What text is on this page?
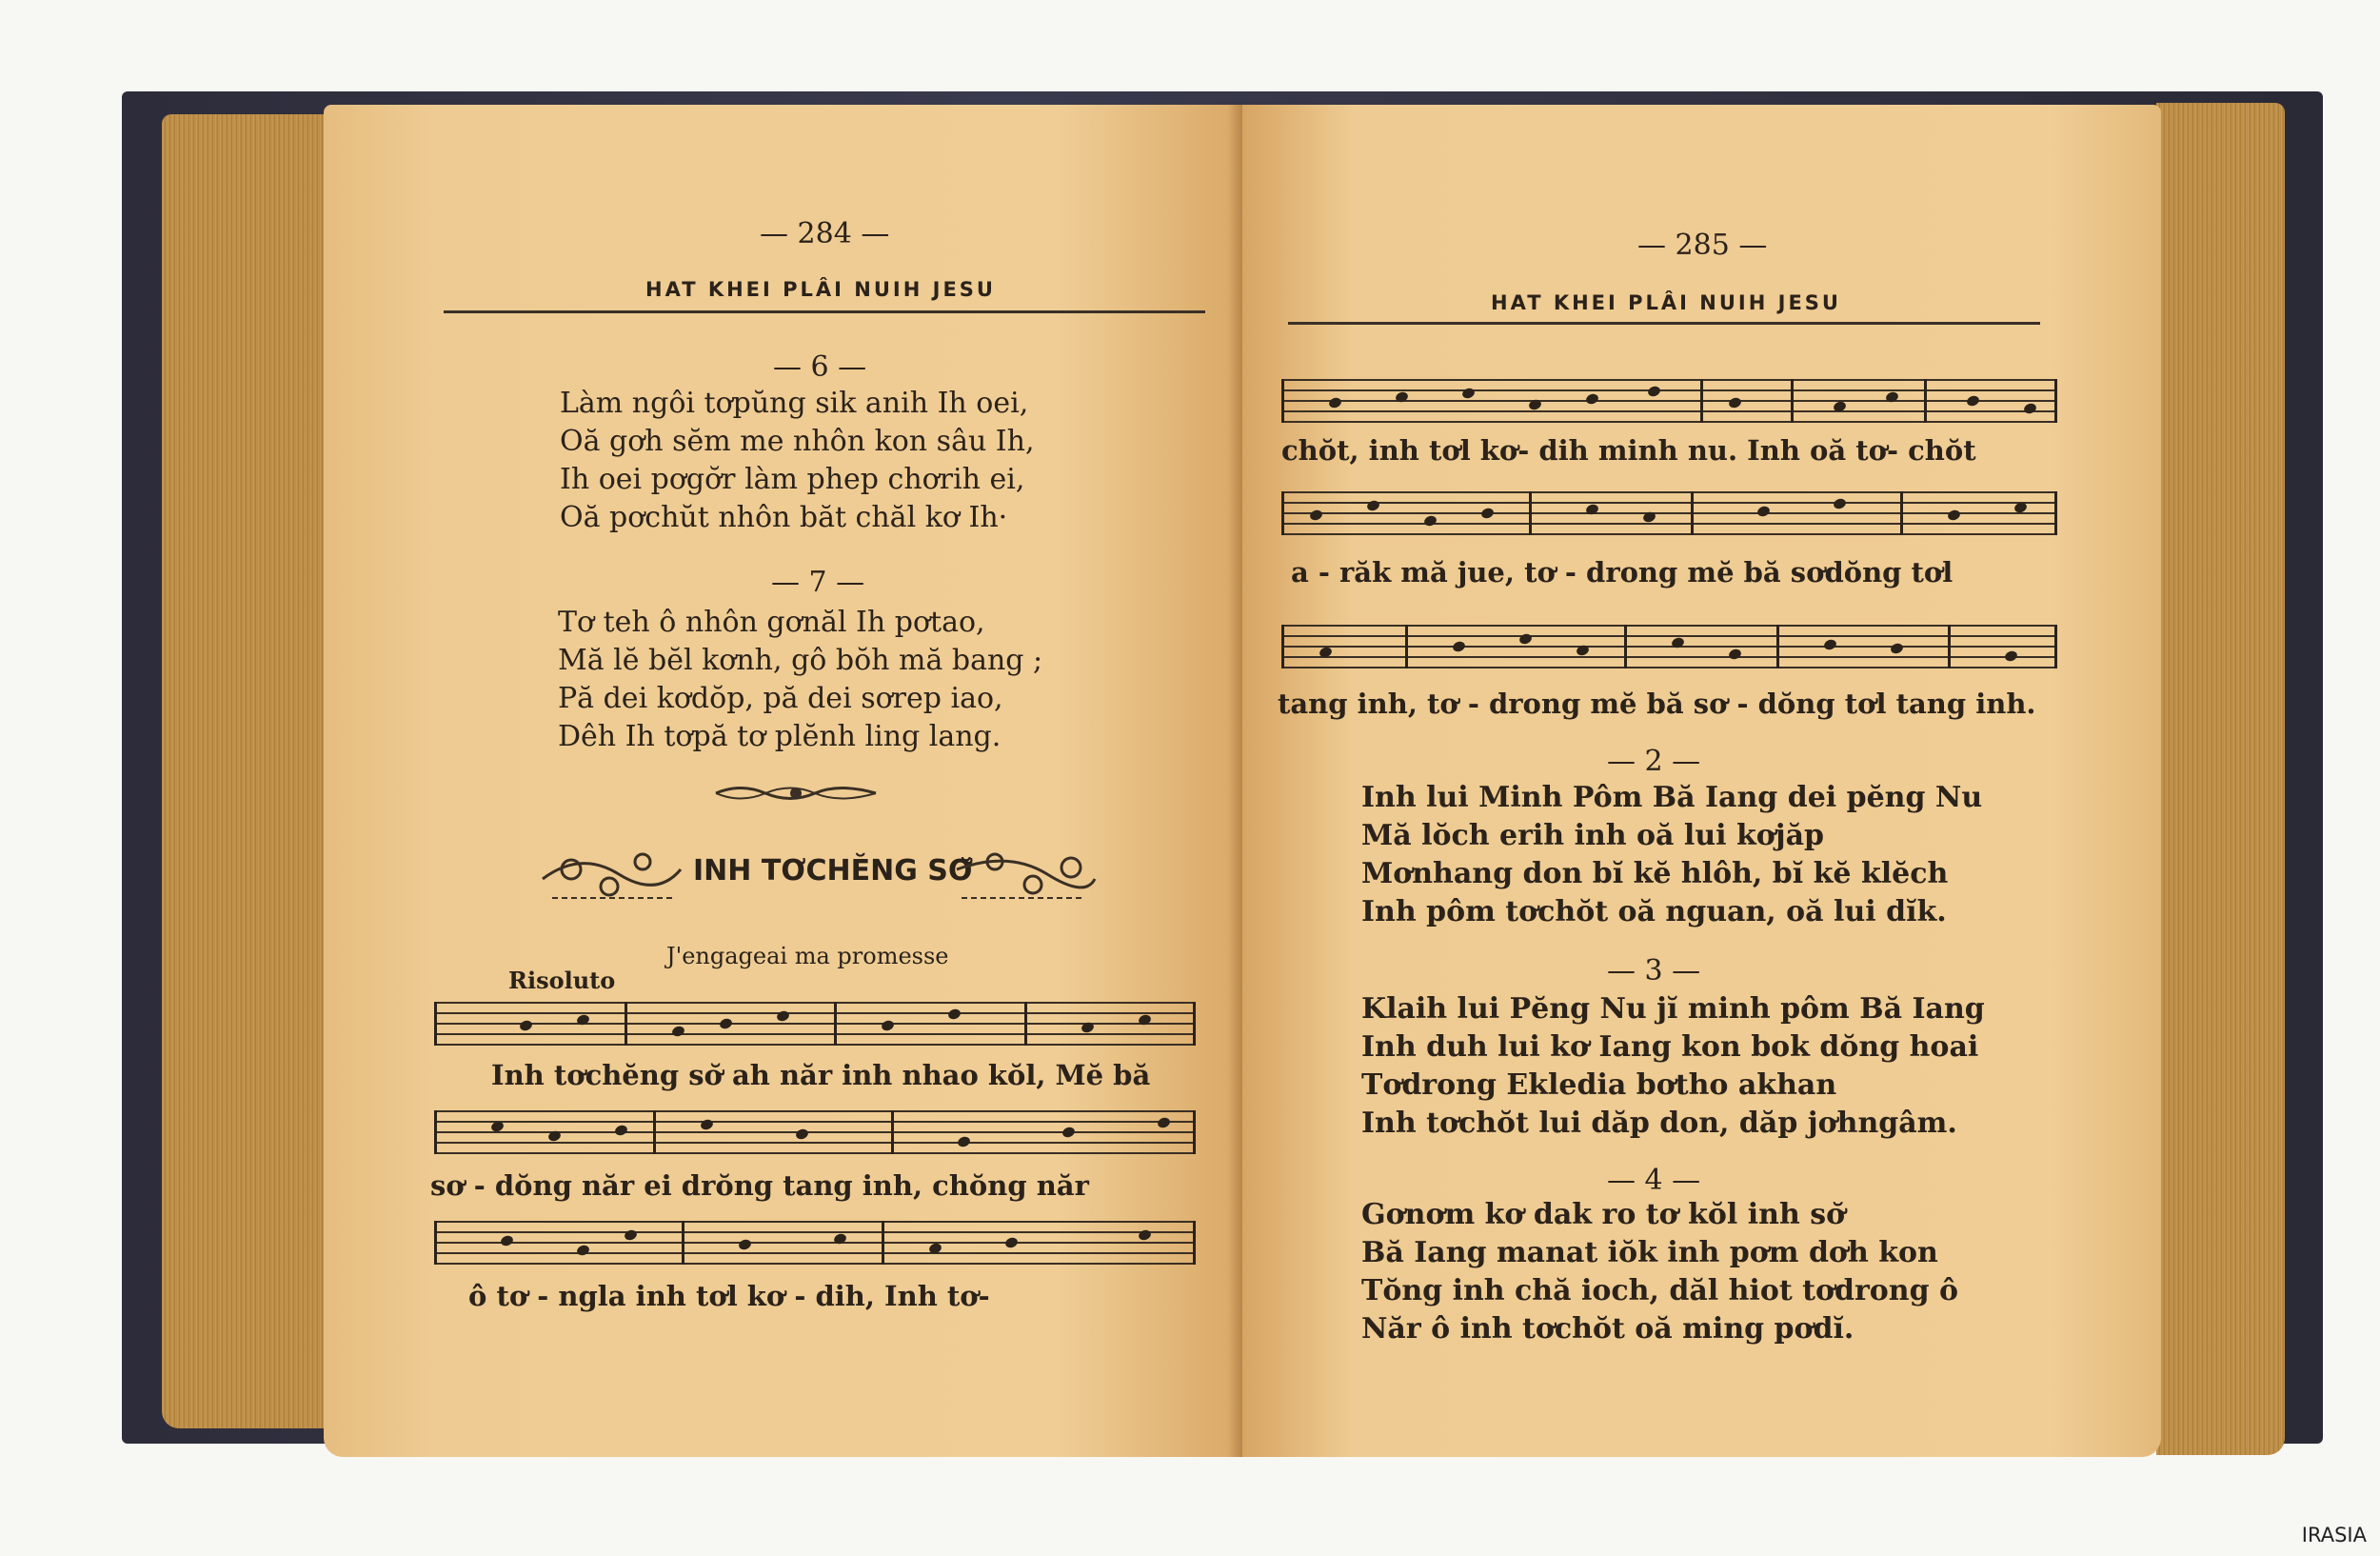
— 284 —
HAT KHEI PLÂI NUIH JESU
— 6 —
Làm ngôi tơpŭng sik anih Ih oei,
Oă gơh sĕm me nhôn kon sâu Ih,
Ih oei pơgơ̆r làm phep chơrih ei,
Oă pơchŭt nhôn băt chăl kơ Ih·
— 7 —
Tơ teh ô nhôn gơnăl Ih pơtao,
Mă lĕ bĕl kơnh, gô bŏh mă bang ;
Pă dei kơdŏp, pă dei sơrep iao,
Dêh Ih tơpă tơ plĕnh ling lang.
INH TƠCHĔNG SƠ̆
J'engageai ma promesse
Risoluto
Inh tơchĕng sơ̆ ah năr inh nhao kŏl, Mĕ bă
sơ - dŏng năr ei drŏng tang inh, chŏng năr
ô tơ - ngla inh tơl kơ - dih, Inh tơ-
— 285 —
HAT KHEI PLÂI NUIH JESU
chŏt, inh tơl kơ- dih minh nu. Inh oă tơ- chŏt
a - răk mă jue, tơ - drong mĕ bă sơdŏng tơl
tang inh, tơ - drong mĕ bă sơ - dŏng tơl tang inh.
— 2 —
Inh lui Minh Pôm Bă Iang dei pĕng Nu
Mă lŏch erih inh oă lui kơjăp
Mơnhang don bĭ kĕ hlôh, bĭ kĕ klĕch
Inh pôm tơchŏt oă nguan, oă lui dĭk.
— 3 —
Klaih lui Pĕng Nu jĭ minh pôm Bă Iang
Inh duh lui kơ Iang kon bok dŏng hoai
Tơdrong Ekledia bơtho akhan
Inh tơchŏt lui dăp don, dăp jơhngâm.
— 4 —
Gơnơm kơ dak ro tơ kŏl inh sơ̆
Bă Iang manat iŏk inh pơm dơh kon
Tŏng inh chă ioch, dăl hiot tơdrong ô
Năr ô inh tơchŏt oă ming pơdĭ.
IRASIA
